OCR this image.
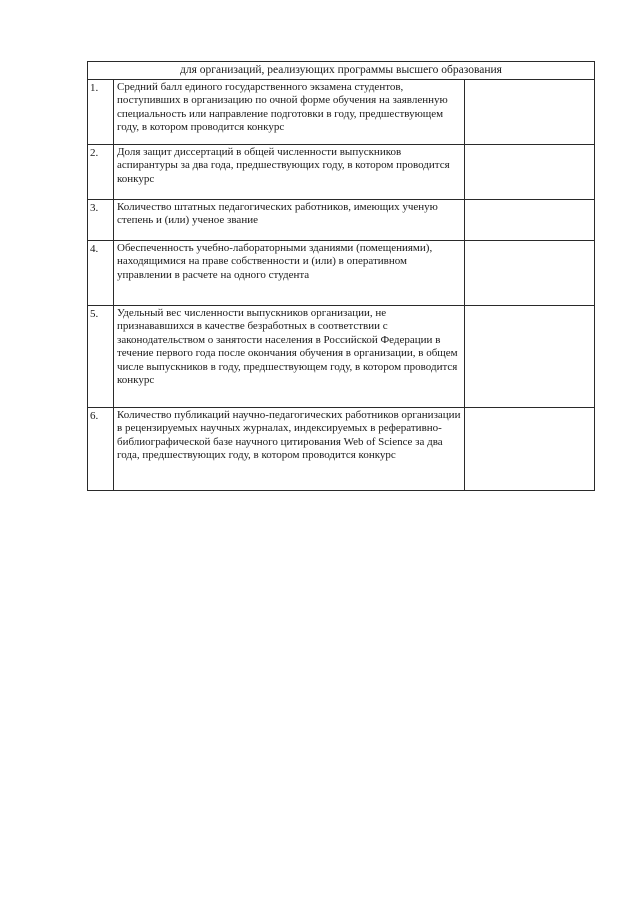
для организаций, реализующих программы высшего образования		
1.	Средний балл единого государственного экзамена студентов, поступивших в организацию по очной форме обучения на заявленную специальность или направление подготовки в году, предшествующем году, в котором проводится конкурс	
2.	Доля защит диссертаций в общей численности выпускников аспирантуры за два года, предшествующих году, в котором проводится конкурс	
3.	Количество штатных педагогических работников, имеющих ученую степень и (или) ученое звание	
4.	Обеспеченность учебно-лабораторными зданиями (помещениями), находящимися на праве собственности и (или) в оперативном управлении в расчете на одного студента	
5.	Удельный вес численности выпускников организации, не признававшихся в качестве безработных в соответствии с законодательством о занятости населения в Российской Федерации в течение первого года после окончания обучения в организации, в общем числе выпускников в году, предшествующем году, в котором проводится конкурс	
6.	Количество публикаций научно-педагогических работников организации в рецензируемых научных журналах, индексируемых в реферативно-библиографической базе научного цитирования Web of Science за два года, предшествующих году, в котором проводится конкурс	
